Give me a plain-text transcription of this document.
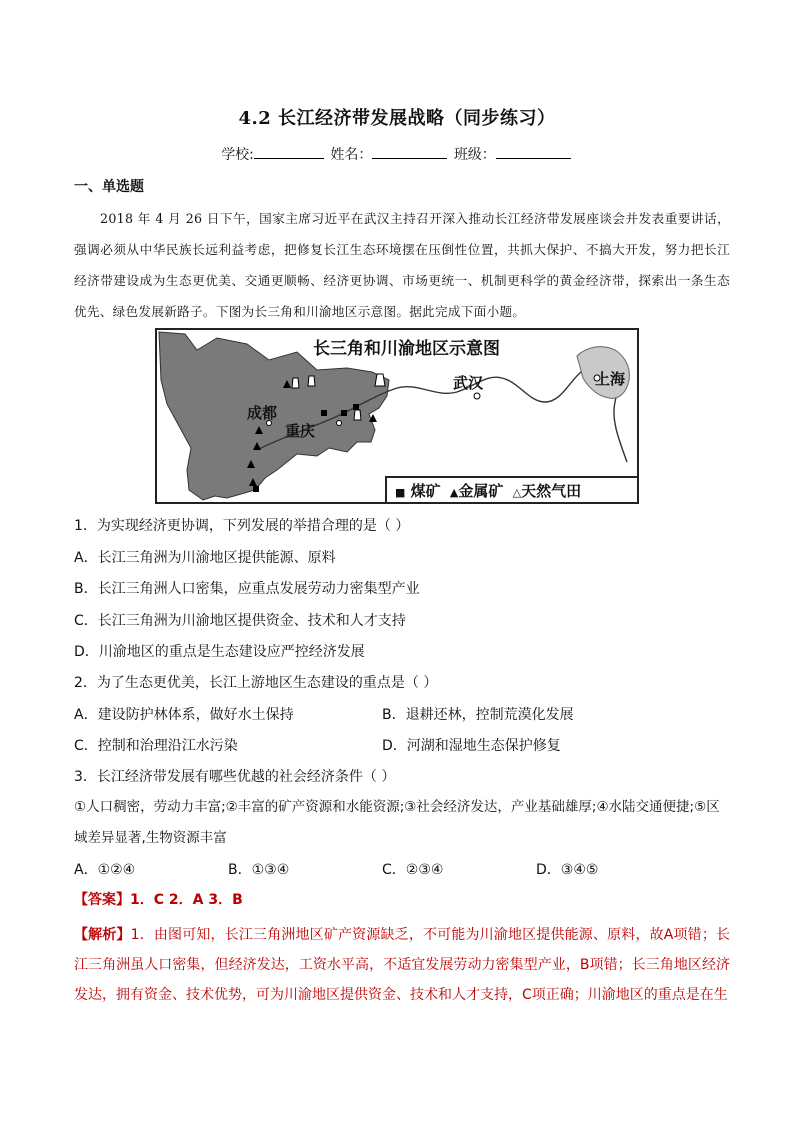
4.2 长江经济带发展战略（同步练习）
学校:	姓名：	班级：
一、单选题
2018 年 4 月 26 日下午，国家主席习近平在武汉主持召开深入推动长江经济带发展座谈会并发表重要讲话，强调必须从中华民族长远利益考虑，把修复长江生态环境摆在压倒性位置，共抓大保护、不搞大开发，努力把长江经济带建设成为生态更优美、交通更顺畅、经济更协调、市场更统一、机制更科学的黄金经济带，探索出一条生态优先、绿色发展新路子。下图为长三角和川渝地区示意图。据此完成下面小题。
长三角和川渝地区示意图
成都
重庆
武汉	上海
■ 煤矿 ▲金属矿 △天然气田
1．为实现经济更协调，下列发展的举措合理的是（ ）
A．长江三角洲为川渝地区提供能源、原料
B．长江三角洲人口密集，应重点发展劳动力密集型产业
C．长江三角洲为川渝地区提供资金、技术和人才支持
D．川渝地区的重点是生态建设应严控经济发展
2．为了生态更优美，长江上游地区生态建设的重点是（ ）
A．建设防护林体系，做好水土保持	B．退耕还林，控制荒漠化发展
C．控制和治理沿江水污染	D．河湖和湿地生态保护修复
3．长江经济带发展有哪些优越的社会经济条件（ ）
①人口稠密，劳动力丰富;②丰富的矿产资源和水能资源;③社会经济发达，产业基础雄厚;④水陆交通便捷;⑤区域差异显著,生物资源丰富
A．①②④	B．①③④	C．②③④	D．③④⑤
【答案】1．C 2．A 3．B
【解析】1．由图可知，长江三角洲地区矿产资源缺乏，不可能为川渝地区提供能源、原料，故A项错；长江三角洲虽人口密集，但经济发达，工资水平高，不适宜发展劳动力密集型产业，B项错；长三角地区经济发达，拥有资金、技术优势，可为川渝地区提供资金、技术和人才支持，C项正确；川渝地区的重点是在生
